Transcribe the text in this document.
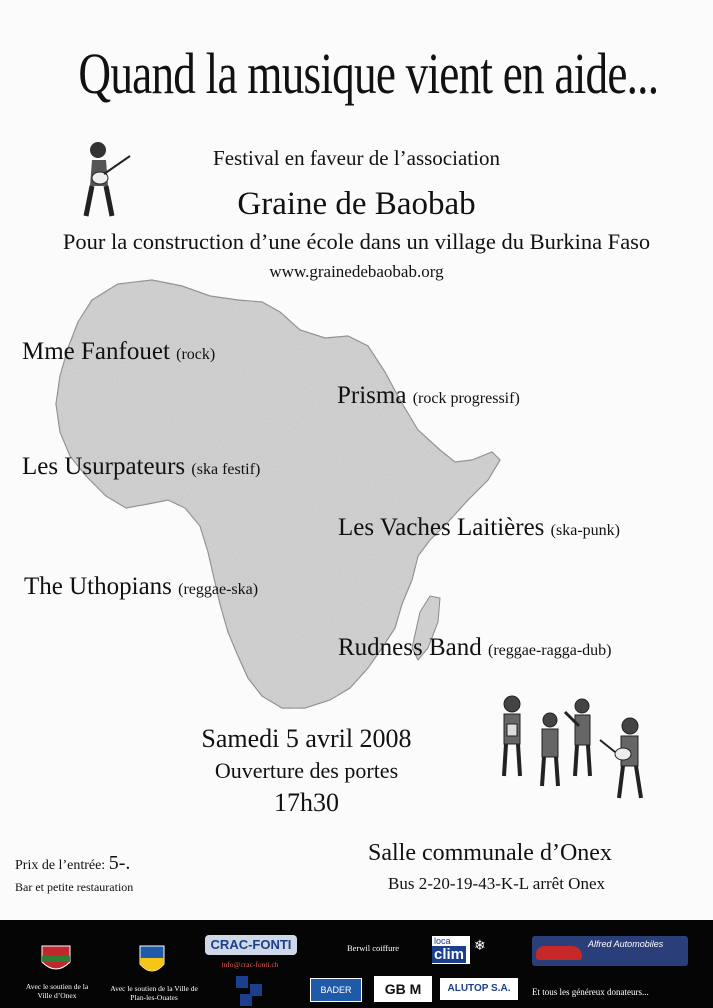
Quand la musique vient en aide...
Festival en faveur de l’association
Graine de Baobab
Pour la construction d’une école dans un village du Burkina Faso
www.grainedebaobab.org
Mme Fanfouet (rock)
Prisma (rock progressif)
Les Usurpateurs (ska festif)
Les Vaches Laitières (ska-punk)
The Uthopians (reggae-ska)
Rudness Band (reggae-ragga-dub)
Samedi 5 avril 2008
Ouverture des portes
17h30
Prix de l’entrée: 5-.
Bar et petite restauration
Salle communale d’Onex
Bus 2-20-19-43-K-L arrêt Onex
Avec le soutien de la Ville d’Onex
Avec le soutien de la Ville de Plan-les-Ouates
CRAC-FONTI
info@crac-fonti.ch
Berwil coiffure
loca
clim ❄	Alfred Automobiles
BADER	GB M	ALUTOP S.A.	Et tous les généreux donateurs...
